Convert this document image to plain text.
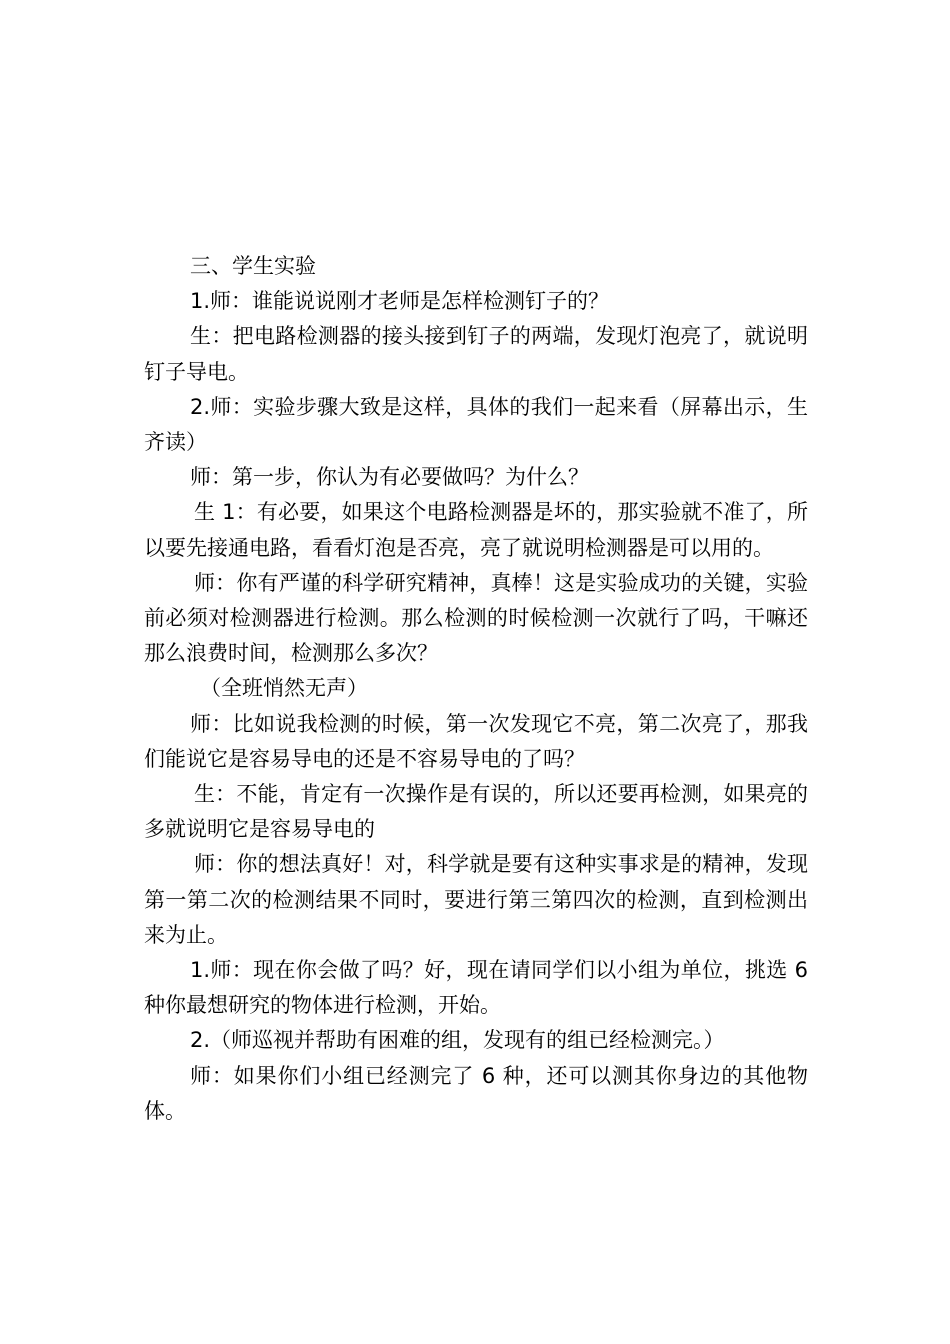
三、学生实验

1.师：谁能说说刚才老师是怎样检测钉子的？

生：把电路检测器的接头接到钉子的两端，发现灯泡亮了，就说明钉子导电。

2.师：实验步骤大致是这样，具体的我们一起来看（屏幕出示，生齐读）

师：第一步，你认为有必要做吗？为什么？

生 1：有必要，如果这个电路检测器是坏的，那实验就不准了，所以要先接通电路，看看灯泡是否亮，亮了就说明检测器是可以用的。

师：你有严谨的科学研究精神，真棒！这是实验成功的关键，实验前必须对检测器进行检测。那么检测的时候检测一次就行了吗，干嘛还那么浪费时间，检测那么多次？

（全班悄然无声）

师：比如说我检测的时候，第一次发现它不亮，第二次亮了，那我们能说它是容易导电的还是不容易导电的了吗？

生：不能，肯定有一次操作是有误的，所以还要再检测，如果亮的多就说明它是容易导电的

师：你的想法真好！对，科学就是要有这种实事求是的精神，发现第一第二次的检测结果不同时，要进行第三第四次的检测，直到检测出来为止。

1.师：现在你会做了吗？好，现在请同学们以小组为单位，挑选 6 种你最想研究的物体进行检测，开始。

2.（师巡视并帮助有困难的组，发现有的组已经检测完。）

师：如果你们小组已经测完了 6 种，还可以测其你身边的其他物体。
